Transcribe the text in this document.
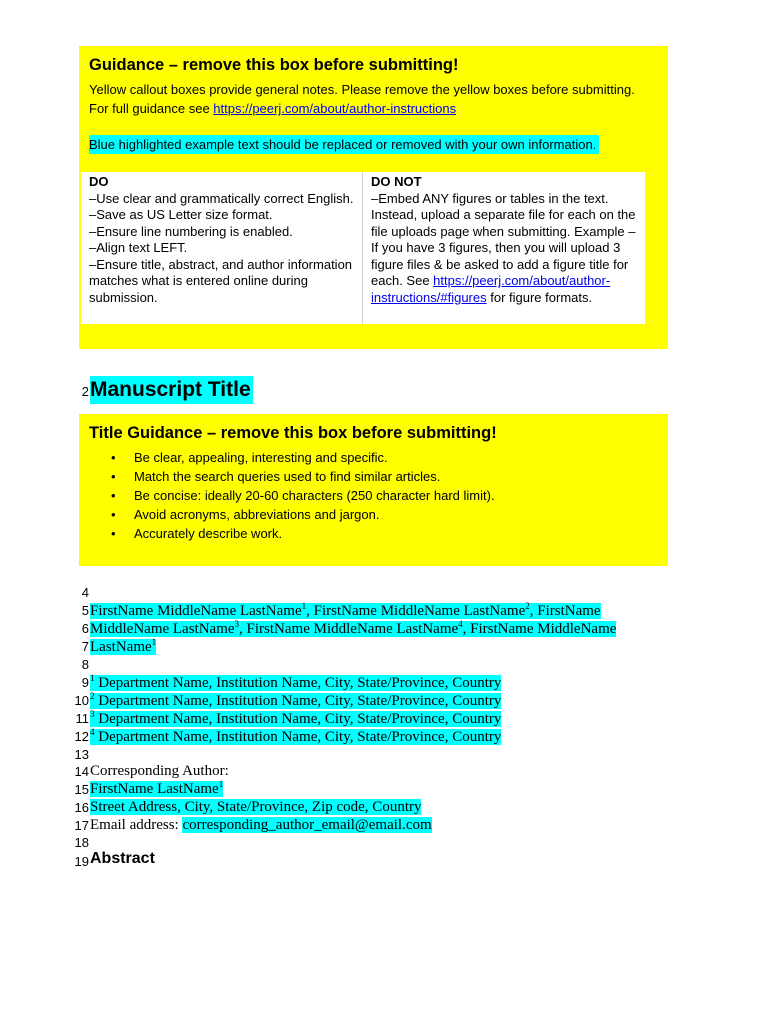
Guidance – remove this box before submitting!
Yellow callout boxes provide general notes. Please remove the yellow boxes before submitting. For full guidance see https://peerj.com/about/author-instructions
Blue highlighted example text should be replaced or removed with your own information.
DO
–Use clear and grammatically correct English.
–Save as US Letter size format.
–Ensure line numbering is enabled.
–Align text LEFT.
–Ensure title, abstract, and author information matches what is entered online during submission.
DO NOT
–Embed ANY figures or tables in the text. Instead, upload a separate file for each on the file uploads page when submitting. Example – If you have 3 figures, then you will upload 3 figure files & be asked to add a figure title for each. See https://peerj.com/about/author-instructions/#figures for figure formats.
2 Manuscript Title
Title Guidance – remove this box before submitting!
• Be clear, appealing, interesting and specific.
• Match the search queries used to find similar articles.
• Be concise: ideally 20-60 characters (250 character hard limit).
• Avoid acronyms, abbreviations and jargon.
• Accurately describe work.
4
5
6
7
8
9
10
11
12
13
14
15
16
17
18
19
FirstName MiddleName LastName$^1$, FirstName MiddleName LastName$^2$, FirstName
MiddleName LastName$^3$, FirstName MiddleName LastName$^4$, FirstName MiddleName
LastName$^1$
$^1$ Department Name, Institution Name, City, State/Province, Country
$^2$ Department Name, Institution Name, City, State/Province, Country
$^3$ Department Name, Institution Name, City, State/Province, Country
$^4$ Department Name, Institution Name, City, State/Province, Country
Corresponding Author:
FirstName LastName$^1$
Street Address, City, State/Province, Zip code, Country
Email address: corresponding_author_email@email.com
Abstract
